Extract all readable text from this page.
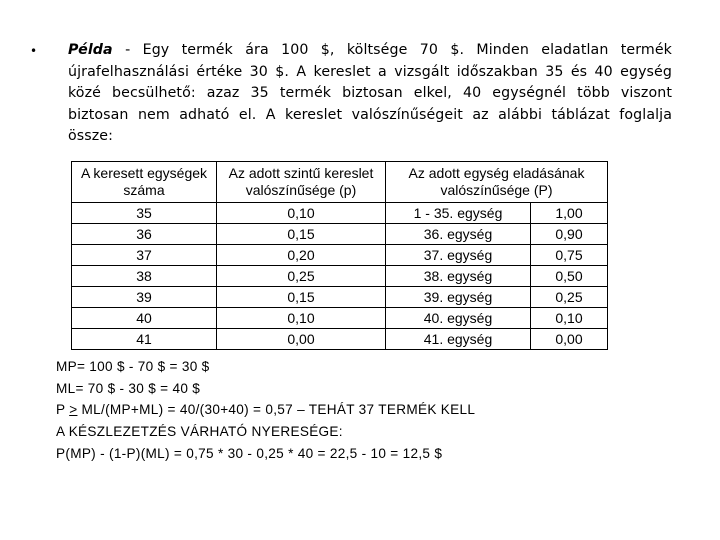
• Példa - Egy termék ára 100 $, költsége 70 $. Minden eladatlan termék újrafelhasználási értéke 30 $. A kereslet a vizsgált időszakban 35 és 40 egység közé becsülhető: azaz 35 termék biztosan elkel, 40 egységnél több viszont biztosan nem adható el. A kereslet valószínűségeit az alábbi táblázat foglalja össze:

A keresett egységek száma	Az adott szintű kereslet valószínűsége (p)	Az adott egység eladásának valószínűsége (P)	
35	0,10	1 - 35. egység	1,00
36	0,15	36. egység	0,90
37	0,20	37. egység	0,75
38	0,25	38. egység	0,50
39	0,15	39. egység	0,25
40	0,10	40. egység	0,10
41	0,00	41. egység	0,00
MP= 100 $ - 70 $ = 30 $
ML= 70 $ - 30 $ = 40 $
P > ML/(MP+ML) = 40/(30+40) = 0,57 – TEHÁT 37 TERMÉK KELL
A KÉSZLEZETZÉS VÁRHATÓ NYERESÉGE:
P(MP) - (1-P)(ML) = 0,75 * 30 - 0,25 * 40 = 22,5 - 10 = 12,5 $
